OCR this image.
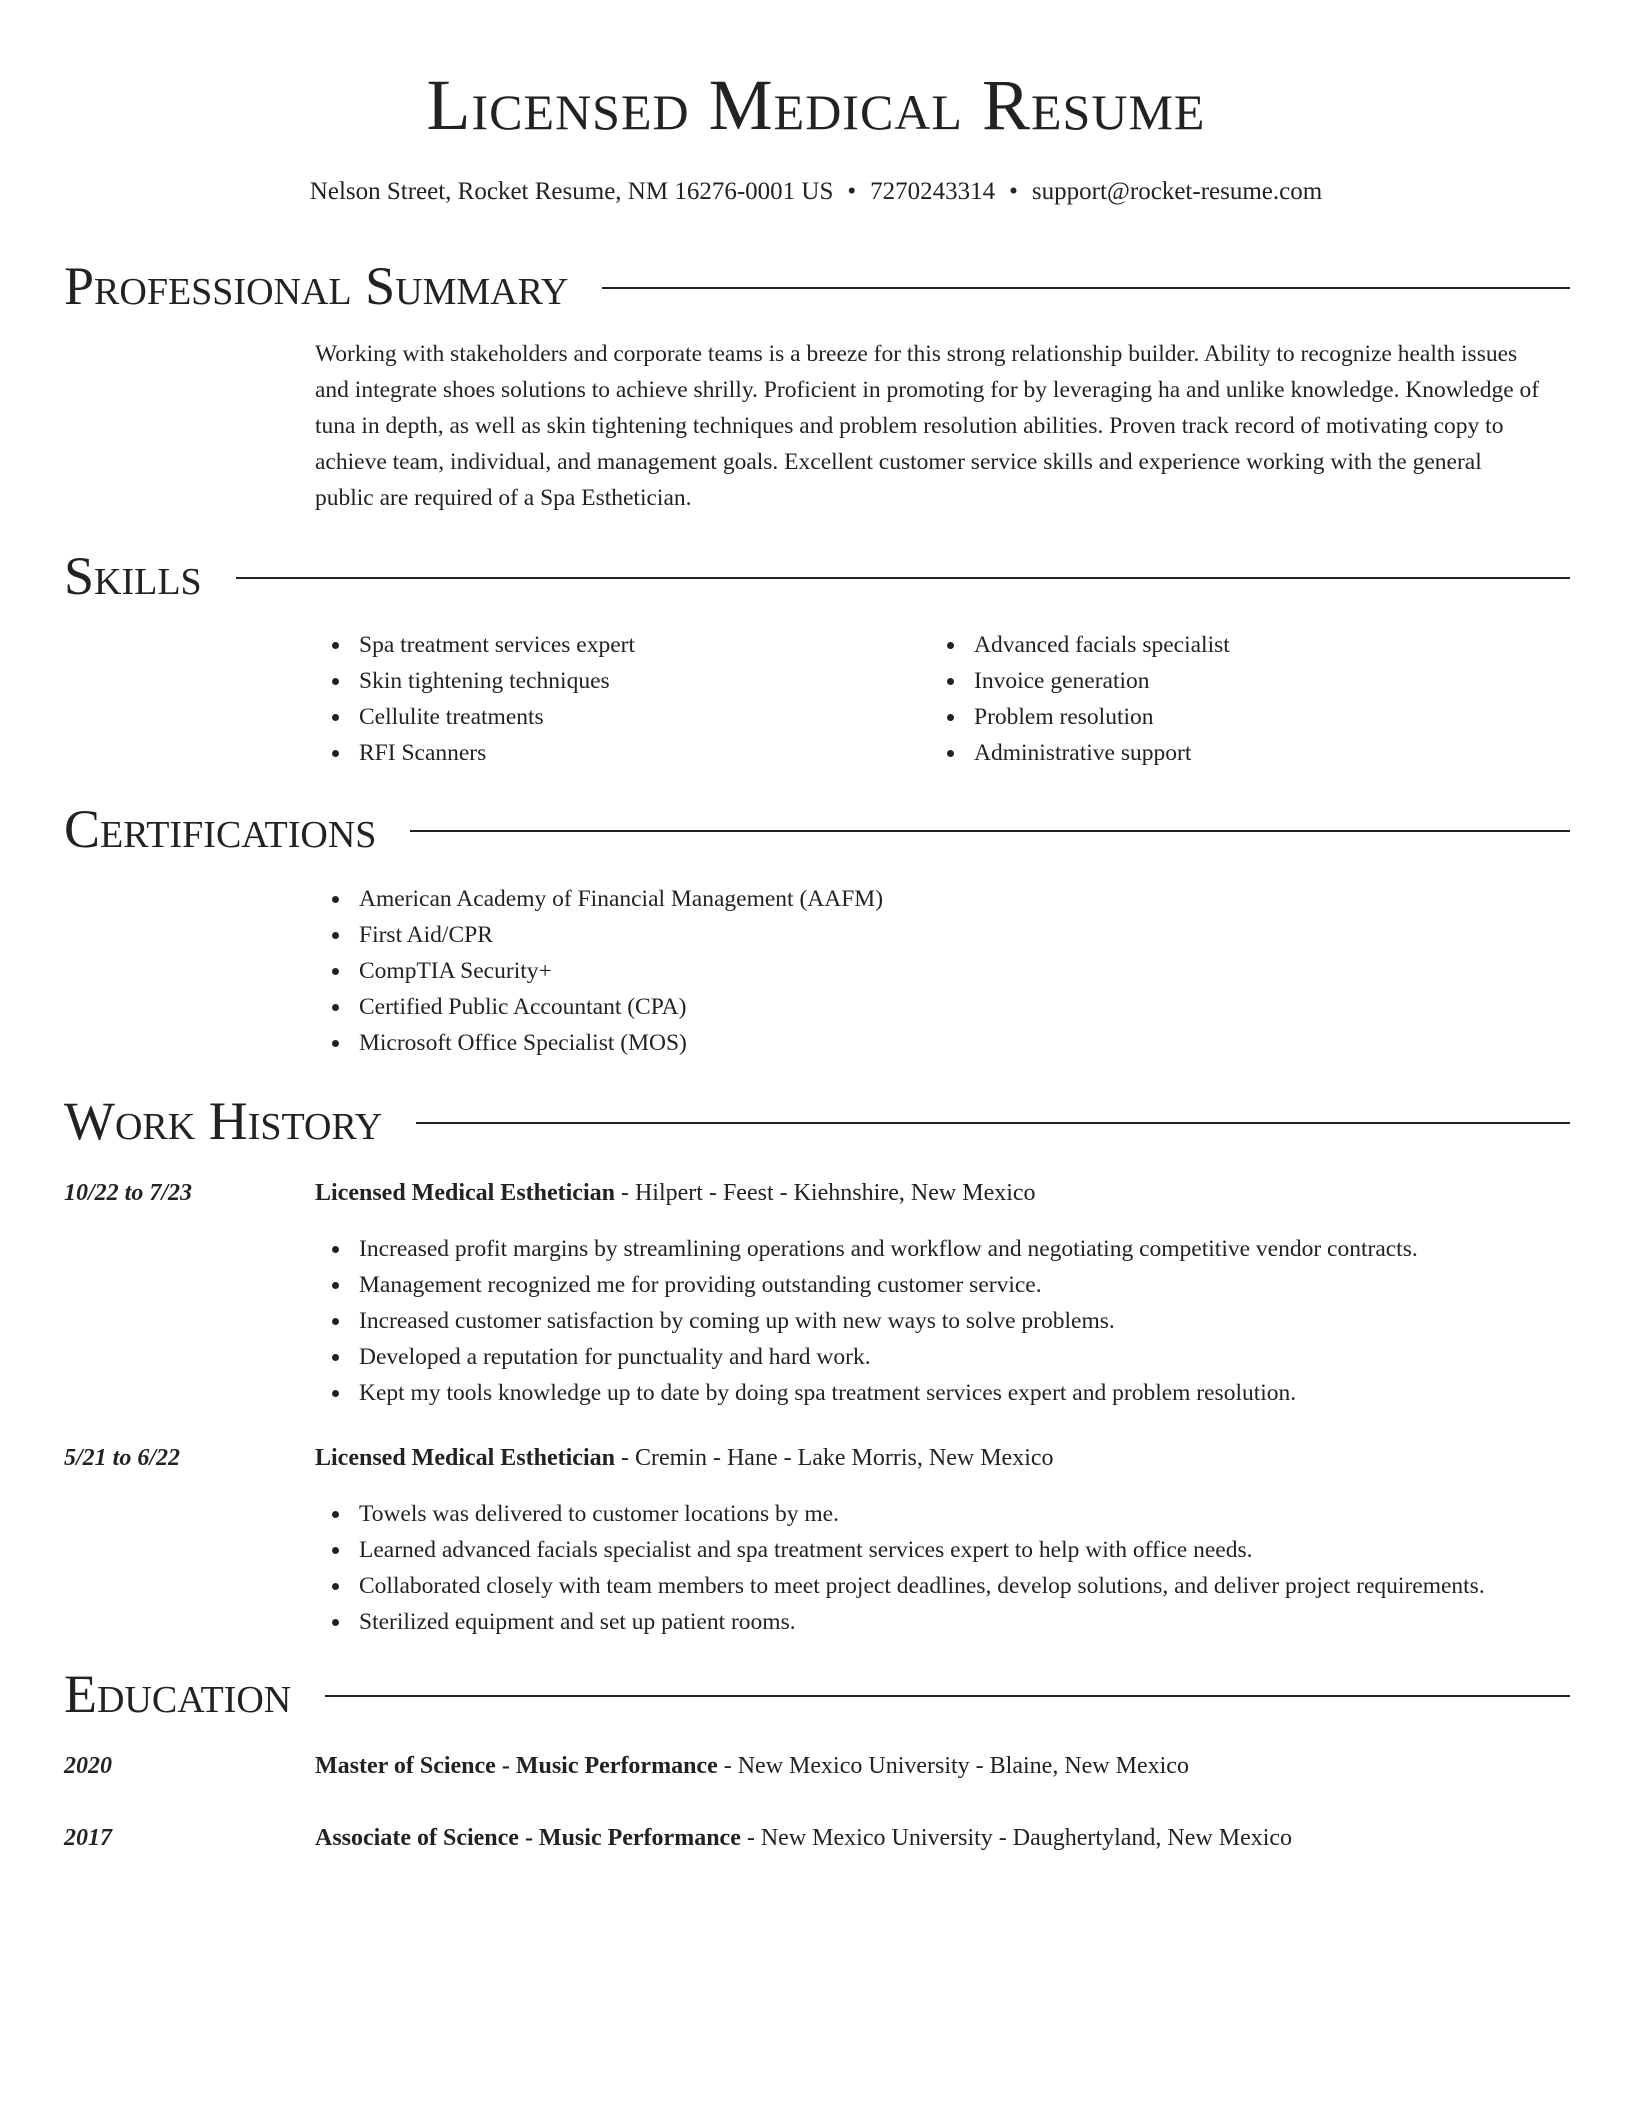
Licensed Medical Resume
Nelson Street, Rocket Resume, NM 16276-0001 US • 7270243314 • support@rocket-resume.com
Professional Summary

Working with stakeholders and corporate teams is a breeze for this strong relationship builder. Ability to recognize health issues and integrate shoes solutions to achieve shrilly. Proficient in promoting for by leveraging ha and unlike knowledge. Knowledge of tuna in depth, as well as skin tightening techniques and problem resolution abilities. Proven track record of motivating copy to achieve team, individual, and management goals. Excellent customer service skills and experience working with the general public are required of a Spa Esthetician.

Skills
Spa treatment services expert
Skin tightening techniques
Cellulite treatments
RFI Scanners
Advanced facials specialist
Invoice generation
Problem resolution
Administrative support
Certifications
American Academy of Financial Management (AAFM)
First Aid/CPR
CompTIA Security+
Certified Public Accountant (CPA)
Microsoft Office Specialist (MOS)
Work History
10/22 to 7/23	Licensed Medical Esthetician - Hilpert - Feest - Kiehnshire, New Mexico
Increased profit margins by streamlining operations and workflow and negotiating competitive vendor contracts.
Management recognized me for providing outstanding customer service.
Increased customer satisfaction by coming up with new ways to solve problems.
Developed a reputation for punctuality and hard work.
Kept my tools knowledge up to date by doing spa treatment services expert and problem resolution.
5/21 to 6/22	Licensed Medical Esthetician - Cremin - Hane - Lake Morris, New Mexico
Towels was delivered to customer locations by me.
Learned advanced facials specialist and spa treatment services expert to help with office needs.
Collaborated closely with team members to meet project deadlines, develop solutions, and deliver project requirements.
Sterilized equipment and set up patient rooms.
Education
2020	Master of Science - Music Performance - New Mexico University - Blaine, New Mexico
2017	Associate of Science - Music Performance - New Mexico University - Daughertyland, New Mexico
